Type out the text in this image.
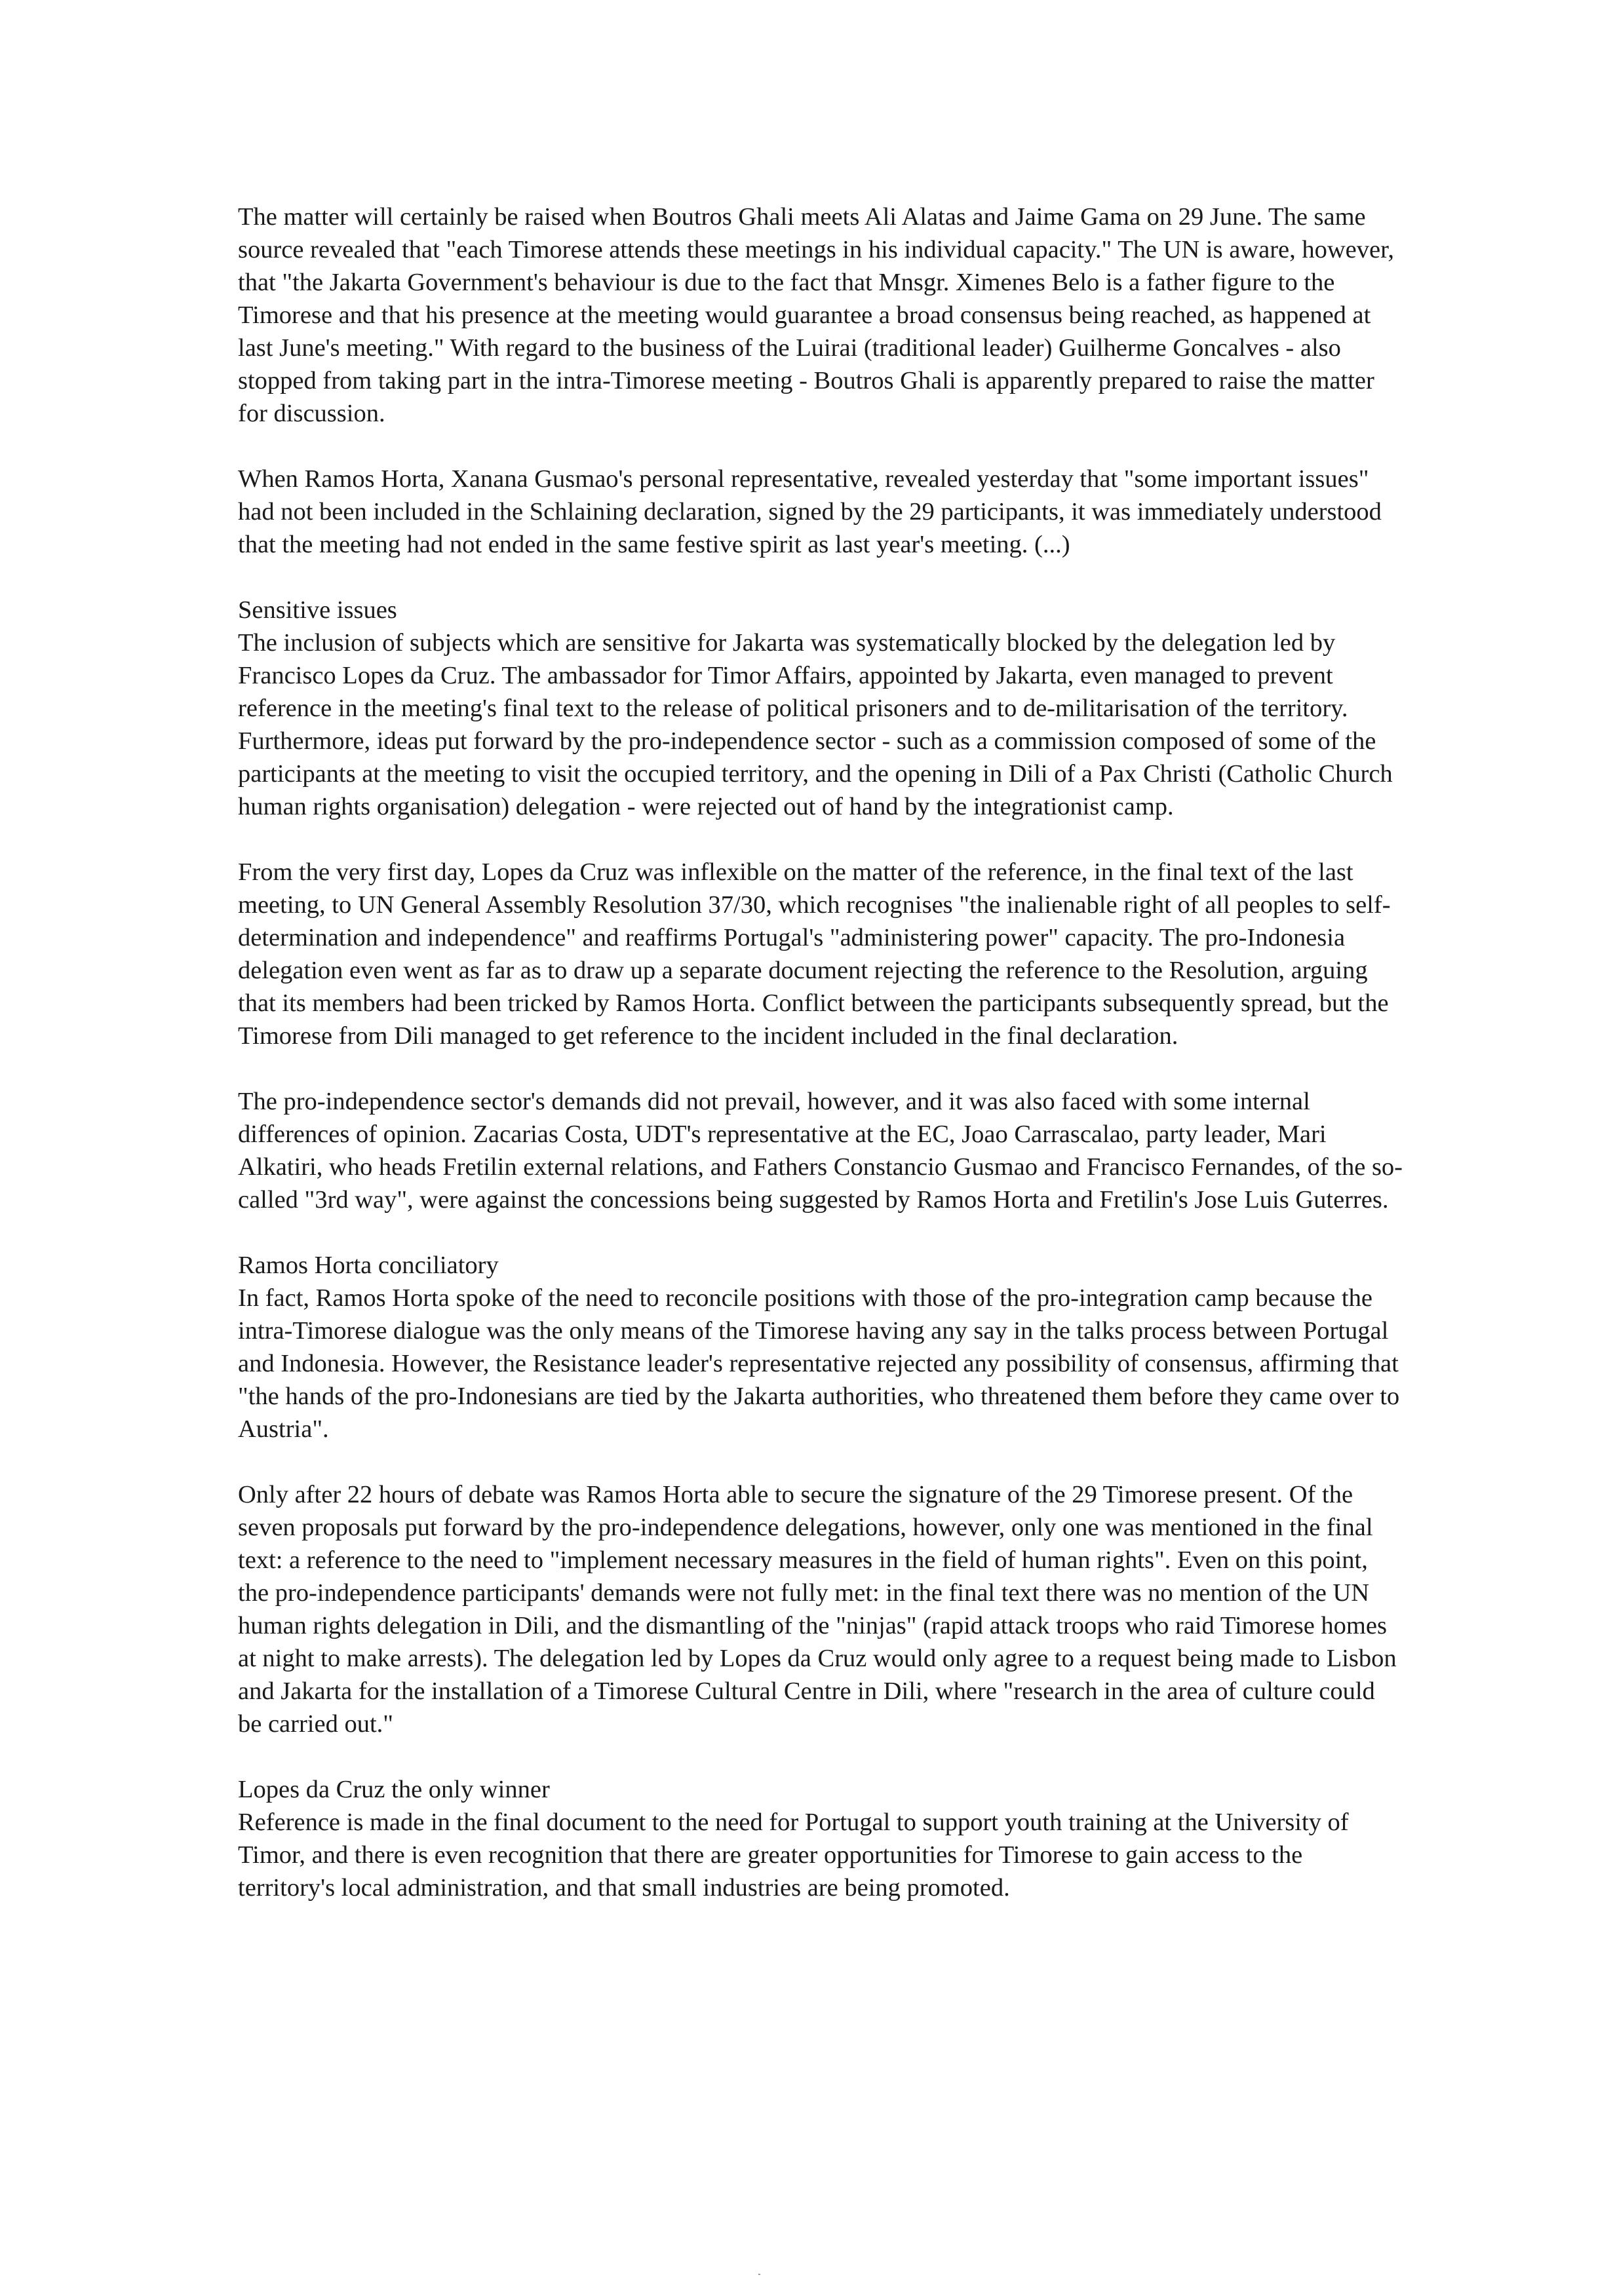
The matter will certainly be raised when Boutros Ghali meets Ali Alatas and Jaime Gama on 29 June. The same source revealed that "each Timorese attends these meetings in his individual capacity." The UN is aware, however, that "the Jakarta Government's behaviour is due to the fact that Mnsgr. Ximenes Belo is a father figure to the Timorese and that his presence at the meeting would guarantee a broad consensus being reached, as happened at last June's meeting." With regard to the business of the Luirai (traditional leader) Guilherme Goncalves - also stopped from taking part in the intra-Timorese meeting - Boutros Ghali is apparently prepared to raise the matter for discussion.

When Ramos Horta, Xanana Gusmao's personal representative, revealed yesterday that "some important issues" had not been included in the Schlaining declaration, signed by the 29 participants, it was immediately understood that the meeting had not ended in the same festive spirit as last year's meeting. (...)

Sensitive issues

The inclusion of subjects which are sensitive for Jakarta was systematically blocked by the delegation led by Francisco Lopes da Cruz. The ambassador for Timor Affairs, appointed by Jakarta, even managed to prevent reference in the meeting's final text to the release of political prisoners and to de-militarisation of the territory. Furthermore, ideas put forward by the pro-independence sector - such as a commission composed of some of the participants at the meeting to visit the occupied territory, and the opening in Dili of a Pax Christi (Catholic Church human rights organisation) delegation - were rejected out of hand by the integrationist camp.

From the very first day, Lopes da Cruz was inflexible on the matter of the reference, in the final text of the last meeting, to UN General Assembly Resolution 37/30, which recognises "the inalienable right of all peoples to self-determination and independence" and reaffirms Portugal's "administering power" capacity. The pro-Indonesia delegation even went as far as to draw up a separate document rejecting the reference to the Resolution, arguing that its members had been tricked by Ramos Horta. Conflict between the participants subsequently spread, but the Timorese from Dili managed to get reference to the incident included in the final declaration.

The pro-independence sector's demands did not prevail, however, and it was also faced with some internal differences of opinion. Zacarias Costa, UDT's representative at the EC, Joao Carrascalao, party leader, Mari Alkatiri, who heads Fretilin external relations, and Fathers Constancio Gusmao and Francisco Fernandes, of the so-called "3rd way", were against the concessions being suggested by Ramos Horta and Fretilin's Jose Luis Guterres.

Ramos Horta conciliatory

In fact, Ramos Horta spoke of the need to reconcile positions with those of the pro-integration camp because the intra-Timorese dialogue was the only means of the Timorese having any say in the talks process between Portugal and Indonesia. However, the Resistance leader's representative rejected any possibility of consensus, affirming that "the hands of the pro-Indonesians are tied by the Jakarta authorities, who threatened them before they came over to Austria".

Only after 22 hours of debate was Ramos Horta able to secure the signature of the 29 Timorese present. Of the seven proposals put forward by the pro-independence delegations, however, only one was mentioned in the final text: a reference to the need to "implement necessary measures in the field of human rights". Even on this point, the pro-independence participants' demands were not fully met: in the final text there was no mention of the UN human rights delegation in Dili, and the dismantling of the "ninjas" (rapid attack troops who raid Timorese homes at night to make arrests). The delegation led by Lopes da Cruz would only agree to a request being made to Lisbon and Jakarta for the installation of a Timorese Cultural Centre in Dili, where "research in the area of culture could be carried out."

Lopes da Cruz the only winner

Reference is made in the final document to the need for Portugal to support youth training at the University of Timor, and there is even recognition that there are greater opportunities for Timorese to gain access to the territory's local administration, and that small industries are being promoted.
